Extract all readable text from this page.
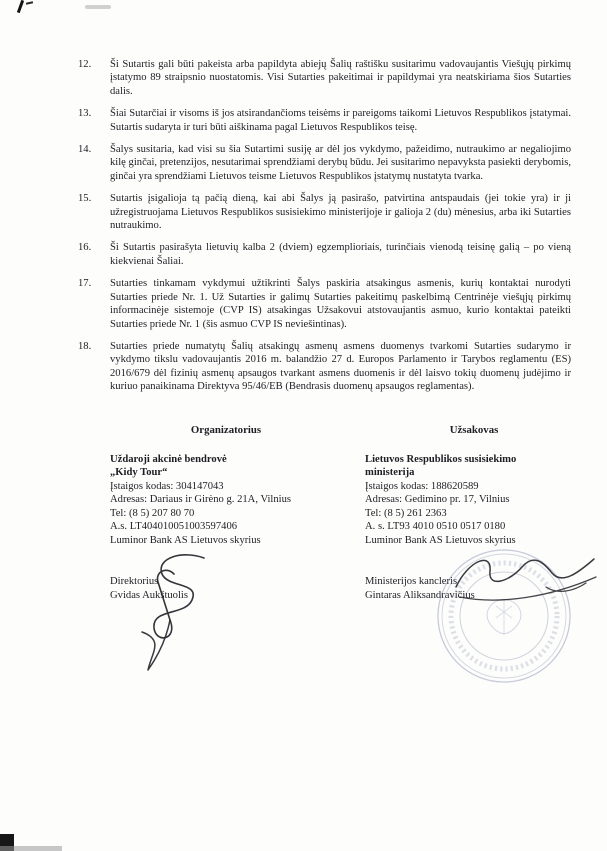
12.	Ši Sutartis gali būti pakeista arba papildyta abiejų Šalių raštišku susitarimu vadovaujantis Viešųjų pirkimų įstatymo 89 straipsnio nuostatomis. Visi Sutarties pakeitimai ir papildymai yra neatskiriama šios Sutarties dalis.
13.	Šiai Sutarčiai ir visoms iš jos atsirandančioms teisėms ir pareigoms taikomi Lietuvos Respublikos įstatymai. Sutartis sudaryta ir turi būti aiškinama pagal Lietuvos Respublikos teisę.
14.	Šalys susitaria, kad visi su šia Sutartimi susiję ar dėl jos vykdymo, pažeidimo, nutraukimo ar negaliojimo kilę ginčai, pretenzijos, nesutarimai sprendžiami derybų būdu. Jei susitarimo nepavyksta pasiekti derybomis, ginčai yra sprendžiami Lietuvos teisme Lietuvos Respublikos įstatymų nustatyta tvarka.
15.	Sutartis įsigalioja tą pačią dieną, kai abi Šalys ją pasirašo, patvirtina antspaudais (jei tokie yra) ir ji užregistruojama Lietuvos Respublikos susisiekimo ministerijoje ir galioja 2 (du) mėnesius, arba iki Sutarties nutraukimo.
16.	Ši Sutartis pasirašyta lietuvių kalba 2 (dviem) egzemplioriais, turinčiais vienodą teisinę galią – po vieną kiekvienai Šaliai.
17.	Sutarties tinkamam vykdymui užtikrinti Šalys paskiria atsakingus asmenis, kurių kontaktai nurodyti Sutarties priede Nr. 1. Už Sutarties ir galimų Sutarties pakeitimų paskelbimą Centrinėje viešųjų pirkimų informacinėje sistemoje (CVP IS) atsakingas Užsakovui atstovaujantis asmuo, kurio kontaktai pateikti Sutarties priede Nr. 1 (šis asmuo CVP IS neviešintinas).
18.	Sutarties priede numatytų Šalių atsakingų asmenų asmens duomenys tvarkomi Sutarties sudarymo ir vykdymo tikslu vadovaujantis 2016 m. balandžio 27 d. Europos Parlamento ir Tarybos reglamentu (ES) 2016/679 dėl fizinių asmenų apsaugos tvarkant asmens duomenis ir dėl laisvo tokių duomenų judėjimo ir kuriuo panaikinama Direktyva 95/46/EB (Bendrasis duomenų apsaugos reglamentas).
Organizatorius
Uždaroji akcinė bendrovė
„Kidy Tour“
Įstaigos kodas: 304147043
Adresas: Dariaus ir Girėno g. 21A, Vilnius
Tel: (8 5) 207 80 70
A.s. LT404010051003597406
Luminor Bank AS Lietuvos skyrius
Direktorius
Gvidas Aukštuolis
Užsakovas
Lietuvos Respublikos susisiekimo
ministerija
Įstaigos kodas: 188620589
Adresas: Gedimino pr. 17, Vilnius
Tel: (8 5) 261 2363
A. s. LT93 4010 0510 0517 0180
Luminor Bank AS Lietuvos skyrius
Ministerijos kancleris
Gintaras Aliksandravičius
